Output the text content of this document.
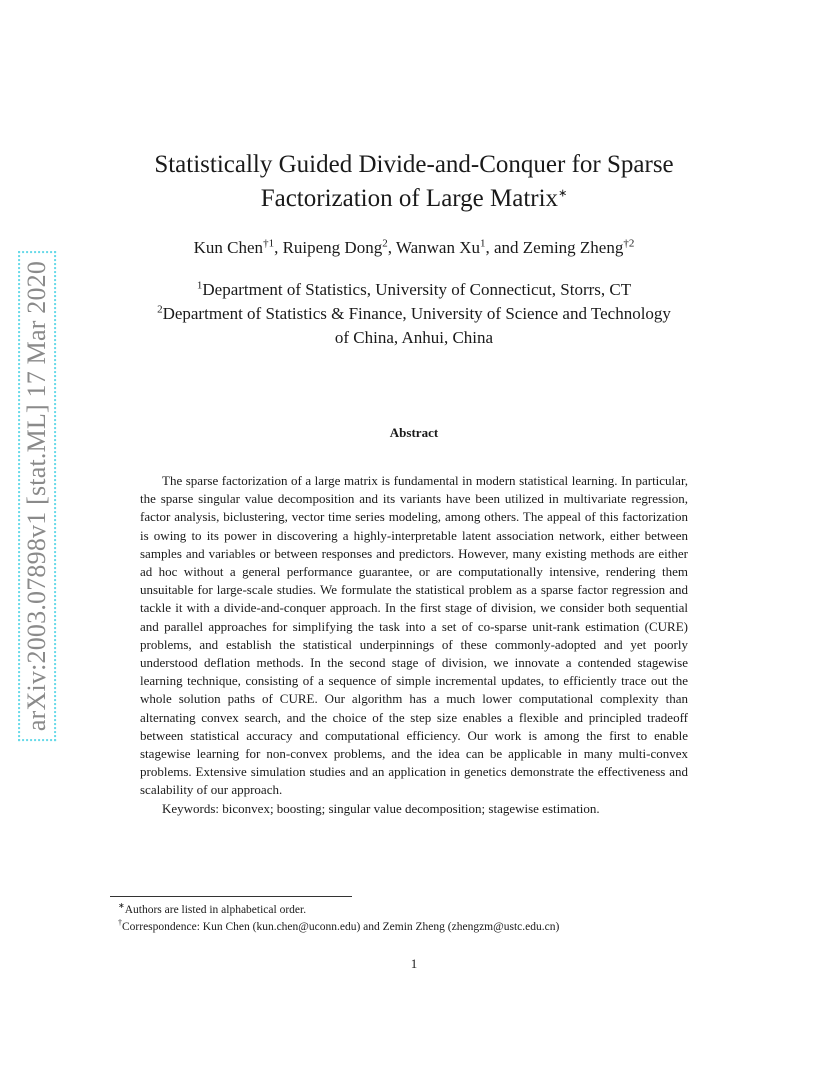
arXiv:2003.07898v1 [stat.ML] 17 Mar 2020
Statistically Guided Divide-and-Conquer for Sparse
Factorization of Large Matrix∗
Kun Chen$^{\dagger 1}$, Ruipeng Dong$^2$, Wanwan Xu$^1$, and Zeming Zheng$^{\dagger 2}$
$^1$Department of Statistics, University of Connecticut, Storrs, CT
$^2$Department of Statistics & Finance, University of Science and Technology
of China, Anhui, China
Abstract

The sparse factorization of a large matrix is fundamental in modern statistical learning. In particular, the sparse singular value decomposition and its variants have been utilized in multivariate regression, factor analysis, biclustering, vector time series modeling, among others. The appeal of this factorization is owing to its power in discovering a highly-interpretable latent association network, either between samples and variables or between responses and predictors. However, many existing methods are either ad hoc without a general performance guarantee, or are computationally intensive, rendering them unsuitable for large-scale studies. We formulate the statistical problem as a sparse factor regression and tackle it with a divide-and-conquer approach. In the first stage of division, we consider both sequential and parallel approaches for simplifying the task into a set of co-sparse unit-rank estimation (CURE) problems, and establish the statistical underpinnings of these commonly-adopted and yet poorly understood deflation methods. In the second stage of division, we innovate a contended stagewise learning technique, consisting of a sequence of simple incremental updates, to efficiently trace out the whole solution paths of CURE. Our algorithm has a much lower computational complexity than alternating convex search, and the choice of the step size enables a flexible and principled tradeoff between statistical accuracy and computational efficiency. Our work is among the first to enable stagewise learning for non-convex problems, and the idea can be applicable in many multi-convex problems. Extensive simulation studies and an application in genetics demonstrate the effectiveness and scalability of our approach.

Keywords: biconvex; boosting; singular value decomposition; stagewise estimation.

∗Authors are listed in alphabetical order.
†Correspondence: Kun Chen (kun.chen@uconn.edu) and Zemin Zheng (zhengzm@ustc.edu.cn)
1
